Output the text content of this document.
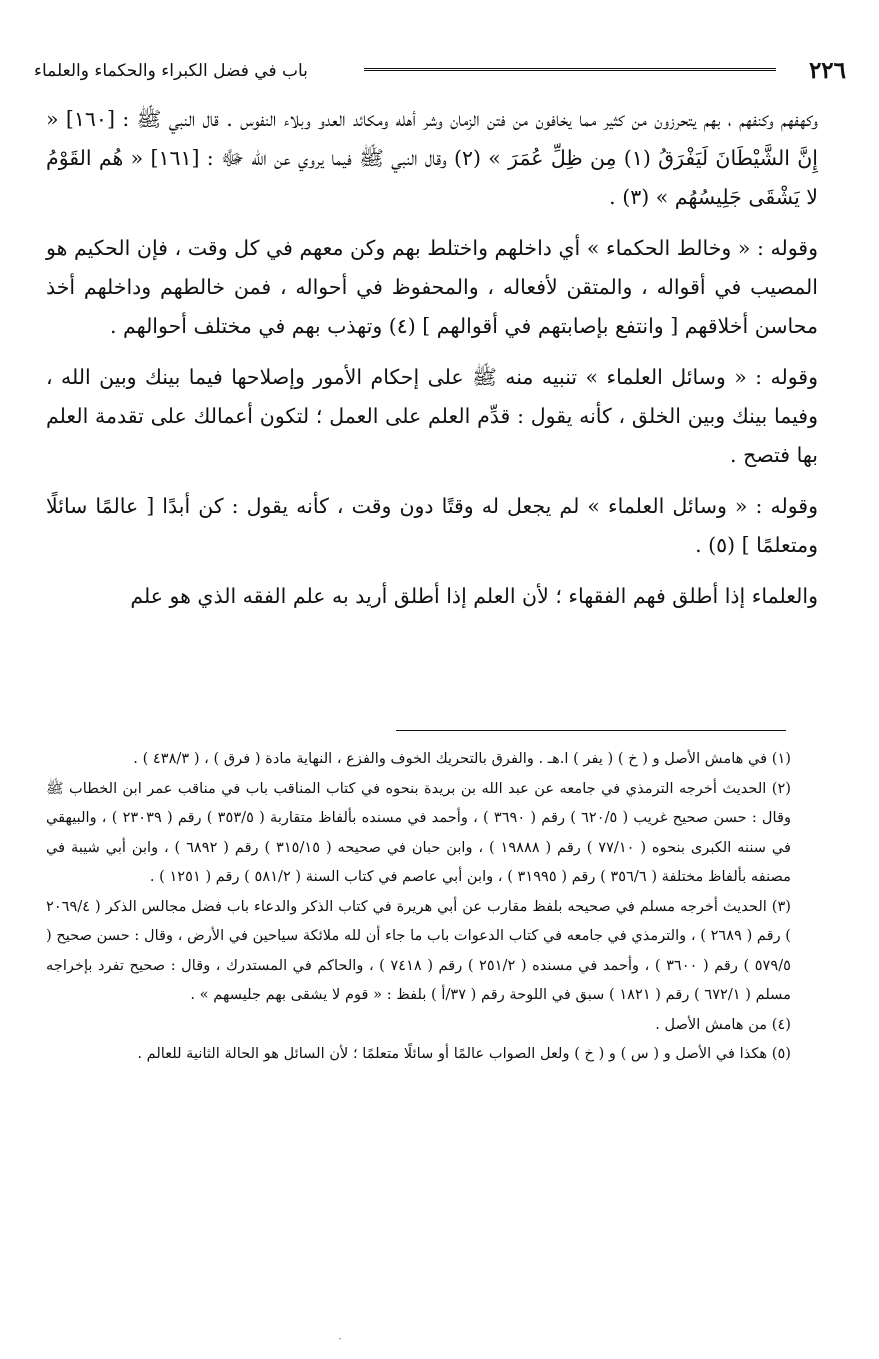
٢٢٦
باب في فضل الكبراء والحكماء والعلماء

وكهفهم وكنفهم ، بهم يتحرزون من كثير مما يخافون من فتن الزمان وشر أهله ومكائد العدو وبلاء النفوس . قال النبي ﷺ : [١٦٠] « إِنَّ الشَّيْطَانَ لَيَفْرَقُ (١) مِن ظِلِّ عُمَرَ » (٢) وقال النبي ﷺ فيما يروي عن الله ﷻ : [١٦١] « هُم القَوْمُ لا يَشْقَى جَلِيسُهُم » (٣) .

وقوله : « وخالط الحكماء » أي داخلهم واختلط بهم وكن معهم في كل وقت ، فإن الحكيم هو المصيب في أقواله ، والمتقن لأفعاله ، والمحفوظ في أحواله ، فمن خالطهم وداخلهم أخذ محاسن أخلاقهم [ وانتفع بإصابتهم في أقوالهم ] (٤) وتهذب بهم في مختلف أحوالهم .

وقوله : « وسائل العلماء » تنبيه منه ﷺ على إحكام الأمور وإصلاحها فيما بينك وبين الله ، وفيما بينك وبين الخلق ، كأنه يقول : قدِّم العلم على العمل ؛ لتكون أعمالك على تقدمة العلم بها فتصح .

وقوله : « وسائل العلماء » لم يجعل له وقتًا دون وقت ، كأنه يقول : كن أبدًا [ عالمًا سائلًا ومتعلمًا ] (٥) .

والعلماء إذا أطلق فهم الفقهاء ؛ لأن العلم إذا أطلق أريد به علم الفقه الذي هو علم

(١) في هامش الأصل و ( خ ) ( يفر ) ا.هـ . والفرق بالتحريك الخوف والفزع ، النهاية مادة ( فرق ) ، ( ٤٣٨/٣ ) .

(٢) الحديث أخرجه الترمذي في جامعه عن عبد الله بن بريدة بنحوه في كتاب المناقب باب في مناقب عمر ابن الخطاب ﷺ وقال : حسن صحيح غريب ( ٦٢٠/٥ ) رقم ( ٣٦٩٠ ) ، وأحمد في مسنده بألفاظ متقاربة ( ٣٥٣/٥ ) رقم ( ٢٣٠٣٩ ) ، والبيهقي في سننه الكبرى بنحوه ( ٧٧/١٠ ) رقم ( ١٩٨٨٨ ) ، وابن حبان في صحيحه ( ٣١٥/١٥ ) رقم ( ٦٨٩٢ ) ، وابن أبي شيبة في مصنفه بألفاظ مختلفة ( ٣٥٦/٦ ) رقم ( ٣١٩٩٥ ) ، وابن أبي عاصم في كتاب السنة ( ٥٨١/٢ ) رقم ( ١٢٥١ ) .

(٣) الحديث أخرجه مسلم في صحيحه بلفظ مقارب عن أبي هريرة في كتاب الذكر والدعاء باب فضل مجالس الذكر ( ٢٠٦٩/٤ ) رقم ( ٢٦٨٩ ) ، والترمذي في جامعه في كتاب الدعوات باب ما جاء أن لله ملائكة سياحين في الأرض ، وقال : حسن صحيح ( ٥٧٩/٥ ) رقم ( ٣٦٠٠ ) ، وأحمد في مسنده ( ٢٥١/٢ ) رقم ( ٧٤١٨ ) ، والحاكم في المستدرك ، وقال : صحيح تفرد بإخراجه مسلم ( ٦٧٢/١ ) رقم ( ١٨٢١ ) سبق في اللوحة رقم ( ٣٧/أ ) بلفظ : « قوم لا يشقى بهم جليسهم » .

(٤) من هامش الأصل .

(٥) هكذا في الأصل و ( س ) و ( خ ) ولعل الصواب عالمًا أو سائلًا متعلمًا ؛ لأن السائل هو الحالة الثانية للعالم .

·
